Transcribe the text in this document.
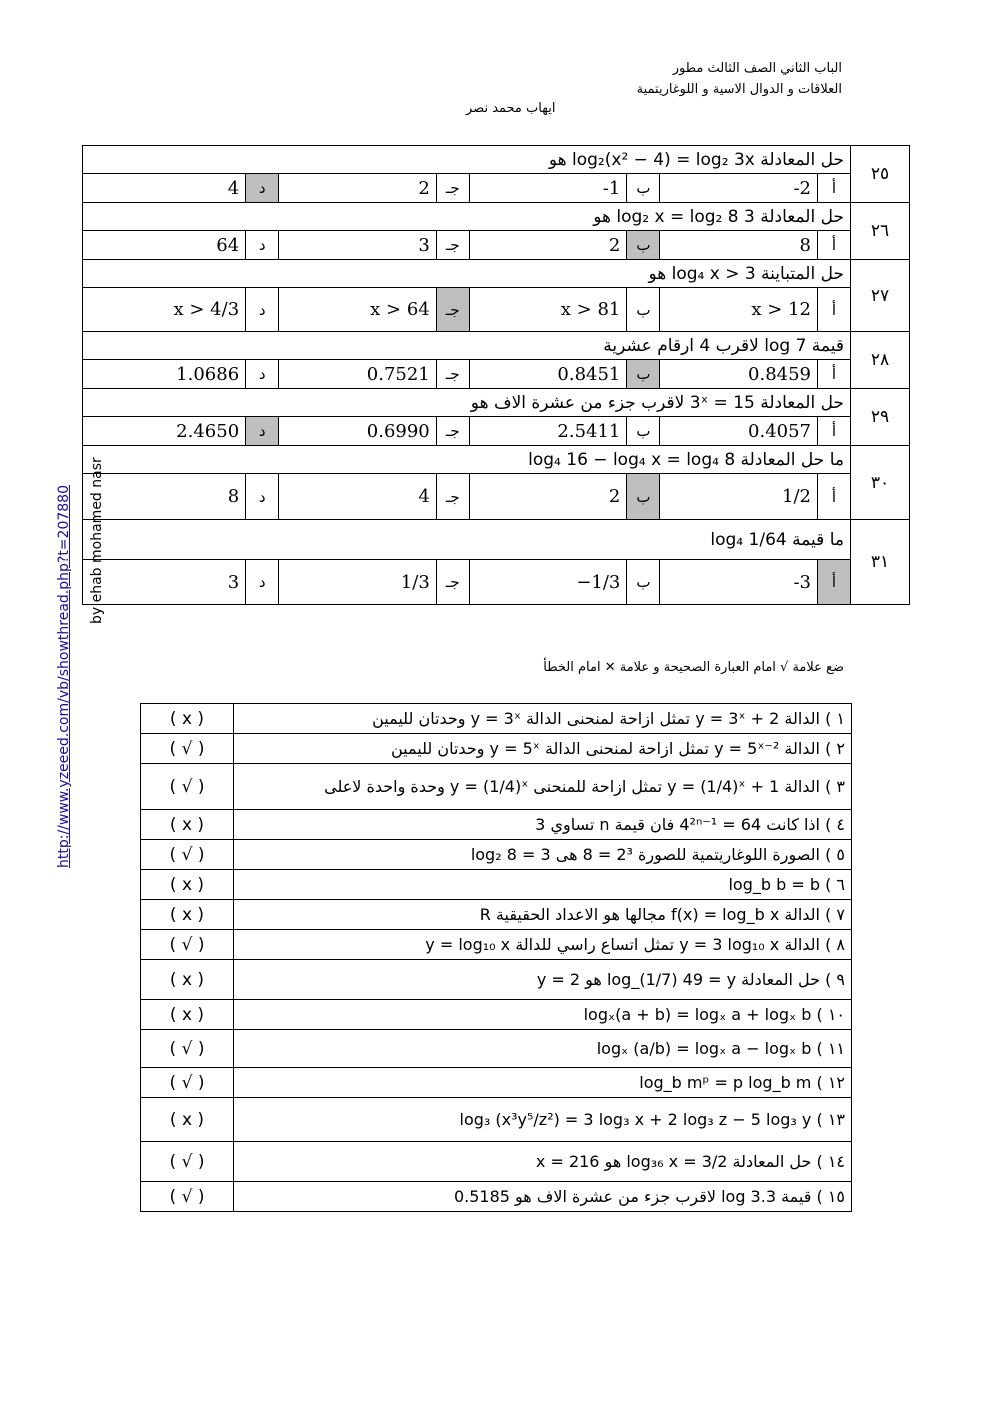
الباب الثاني الصف الثالث مطور
العلاقات و الدوال الاسية و اللوغاريتمية
ايهاب محمد نصر
http://www.yzeeed.com/vb/showthread.php?t=207880 by ehab mohamed nasr
حل المعادلة log₂(x² − 4) = log₂ 3x هو								٢٥
4	د	2	جـ	-1	ب	-2	أ	
حل المعادلة 3 log₂ x = log₂ 8 هو								٢٦
64	د	3	جـ	2	ب	8	أ	
حل المتباينة log₄ x > 3 هو								٢٧
x > 4/3	د	x > 64	جـ	x > 81	ب	x > 12	أ	
قيمة log 7 لاقرب 4 ارقام عشرية								٢٨
1.0686	د	0.7521	جـ	0.8451	ب	0.8459	أ	
حل المعادلة 15 = 3ˣ لاقرب جزء من عشرة الاف هو								٢٩
2.4650	د	0.6990	جـ	2.5411	ب	0.4057	أ	
ما حل المعادلة log₄ 16 − log₄ x = log₄ 8								٣٠
8	د	4	جـ	2	ب	1/2	أ	
ما قيمة log₄ 1/64								٣١
3	د	1/3	جـ	−1/3	ب	-3	أ	
ضع علامة √ امام العبارة الصحيحة و علامة ✕ امام الخطأ
( x )	١ ) الدالة y = 3ˣ + 2 تمثل ازاحة لمنحنى الدالة y = 3ˣ وحدتان لليمين
( √ )	٢ ) الدالة y = 5ˣ⁻² تمثل ازاحة لمنحنى الدالة y = 5ˣ وحدتان لليمين
( √ )	٣ ) الدالة y = (1/4)ˣ + 1 تمثل ازاحة للمنحنى y = (1/4)ˣ وحدة واحدة لاعلى
( x )	٤ ) اذا كانت 4²ⁿ⁻¹ = 64 فان قيمة n تساوي 3
( √ )	٥ ) الصورة اللوغاريتمية للصورة 2³ = 8 هى log₂ 8 = 3
( x )	٦ ) log_b b = b
( x )	٧ ) الدالة f(x) = log_b x مجالها هو الاعداد الحقيقية R
( √ )	٨ ) الدالة y = 3 log₁₀ x تمثل اتساع راسي للدالة y = log₁₀ x
( x )	٩ ) حل المعادلة log_(1/7) 49 = y هو y = 2
( x )	١٠ ) logₓ(a + b) = logₓ a + logₓ b
( √ )	١١ ) logₓ (a/b) = logₓ a − logₓ b
( √ )	١٢ ) log_b mᵖ = p log_b m
( x )	١٣ ) log₃ (x³y⁵/z²) = 3 log₃ x + 2 log₃ z − 5 log₃ y
( √ )	١٤ ) حل المعادلة log₃₆ x = 3/2 هو x = 216
( √ )	١٥ ) قيمة log 3.3 لاقرب جزء من عشرة الاف هو 0.5185
